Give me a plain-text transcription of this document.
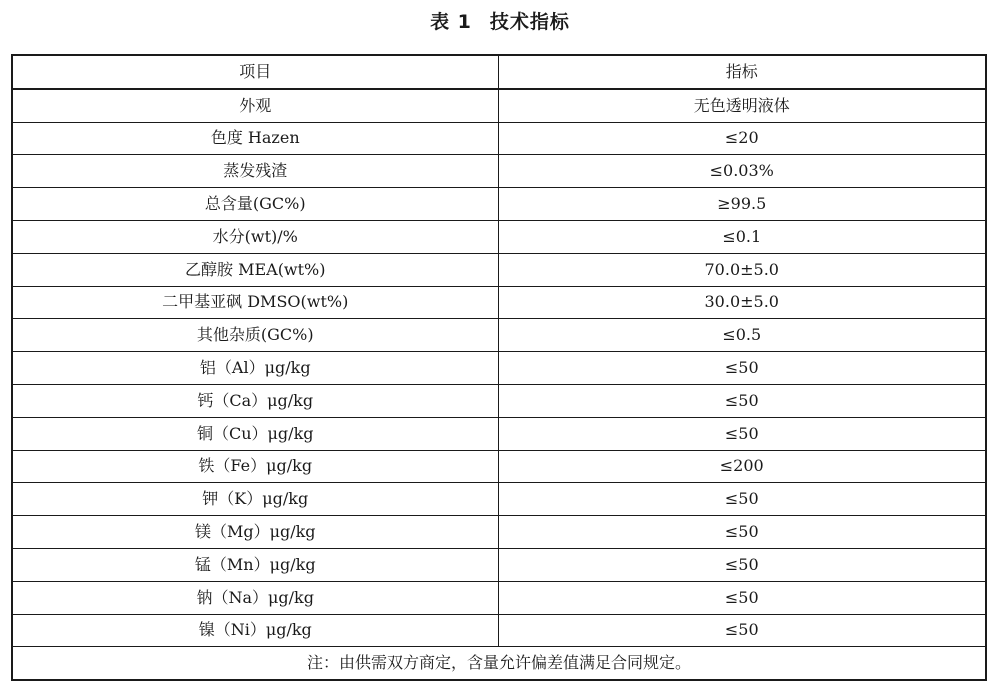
表 1 技术指标
项目	指标
外观	无色透明液体
色度 Hazen	≤20
蒸发残渣	≤0.03%
总含量(GC%)	≥99.5
水分(wt)/%	≤0.1
乙醇胺 MEA(wt%)	70.0±5.0
二甲基亚砜 DMSO(wt%)	30.0±5.0
其他杂质(GC%)	≤0.5
铝（Al）μg/kg	≤50
钙（Ca）μg/kg	≤50
铜（Cu）μg/kg	≤50
铁（Fe）μg/kg	≤200
钾（K）μg/kg	≤50
镁（Mg）μg/kg	≤50
锰（Mn）μg/kg	≤50
钠（Na）μg/kg	≤50
镍（Ni）μg/kg	≤50
注：由供需双方商定，含量允许偏差值满足合同规定。	
